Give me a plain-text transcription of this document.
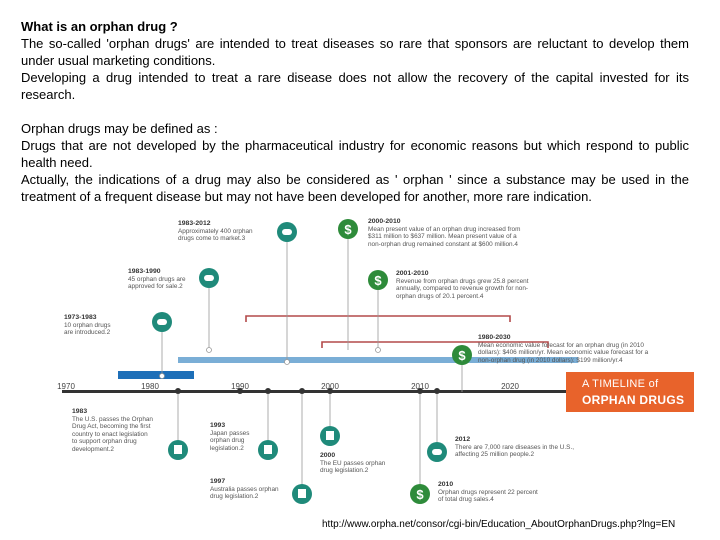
What is an orphan drug ?

The so-called 'orphan drugs' are intended to treat diseases so rare that sponsors are reluctant to develop them under usual marketing conditions.

Developing a drug intended to treat a rare disease does not allow the recovery of the capital invested for its research.

Orphan drugs may be defined as :

Drugs that are not developed by the pharmaceutical industry for economic reasons but which respond to public health need.

Actually, the indications of a drug may also be considered as ' orphan ' since a substance may be used in the treatment of a frequent disease but may not have been developed for another, more rare indication.

$
$
$
$
1970	1980	1990	2000	2010	2020	A TIMELINE of
ORPHAN DRUGS
1983-2012
Approximately 400 orphan
drugs come to market.3
1983-1990
45 orphan drugs are
approved for sale.2
1973-1983
10 orphan drugs
are introduced.2
2000-2010
Mean present value of an orphan drug increased from
$311 million to $637 million. Mean present value of a
non-orphan drug remained constant at $600 million.4
2001-2010
Revenue from orphan drugs grew 25.8 percent
annually, compared to revenue growth for non-
orphan drugs of 20.1 percent.4
1980-2030
Mean economic value forecast for an orphan drug (in 2010
dollars): $406 million/yr. Mean economic value forecast for a
non-orphan drug (in 2010 dollars): $199 million/yr.4
1983
The U.S. passes the Orphan
Drug Act, becoming the first
country to enact legislation
to support orphan drug
development.2
1993
Japan passes
orphan drug
legislation.2
1997
Australia passes orphan
drug legislation.2
2000
The EU passes orphan
drug legislation.2
2012
There are 7,000 rare diseases in the U.S.,
affecting 25 million people.2
2010
Orphan drugs represent 22 percent
of total drug sales.4
http://www.orpha.net/consor/cgi-bin/Education_AboutOrphanDrugs.php?lng=EN
